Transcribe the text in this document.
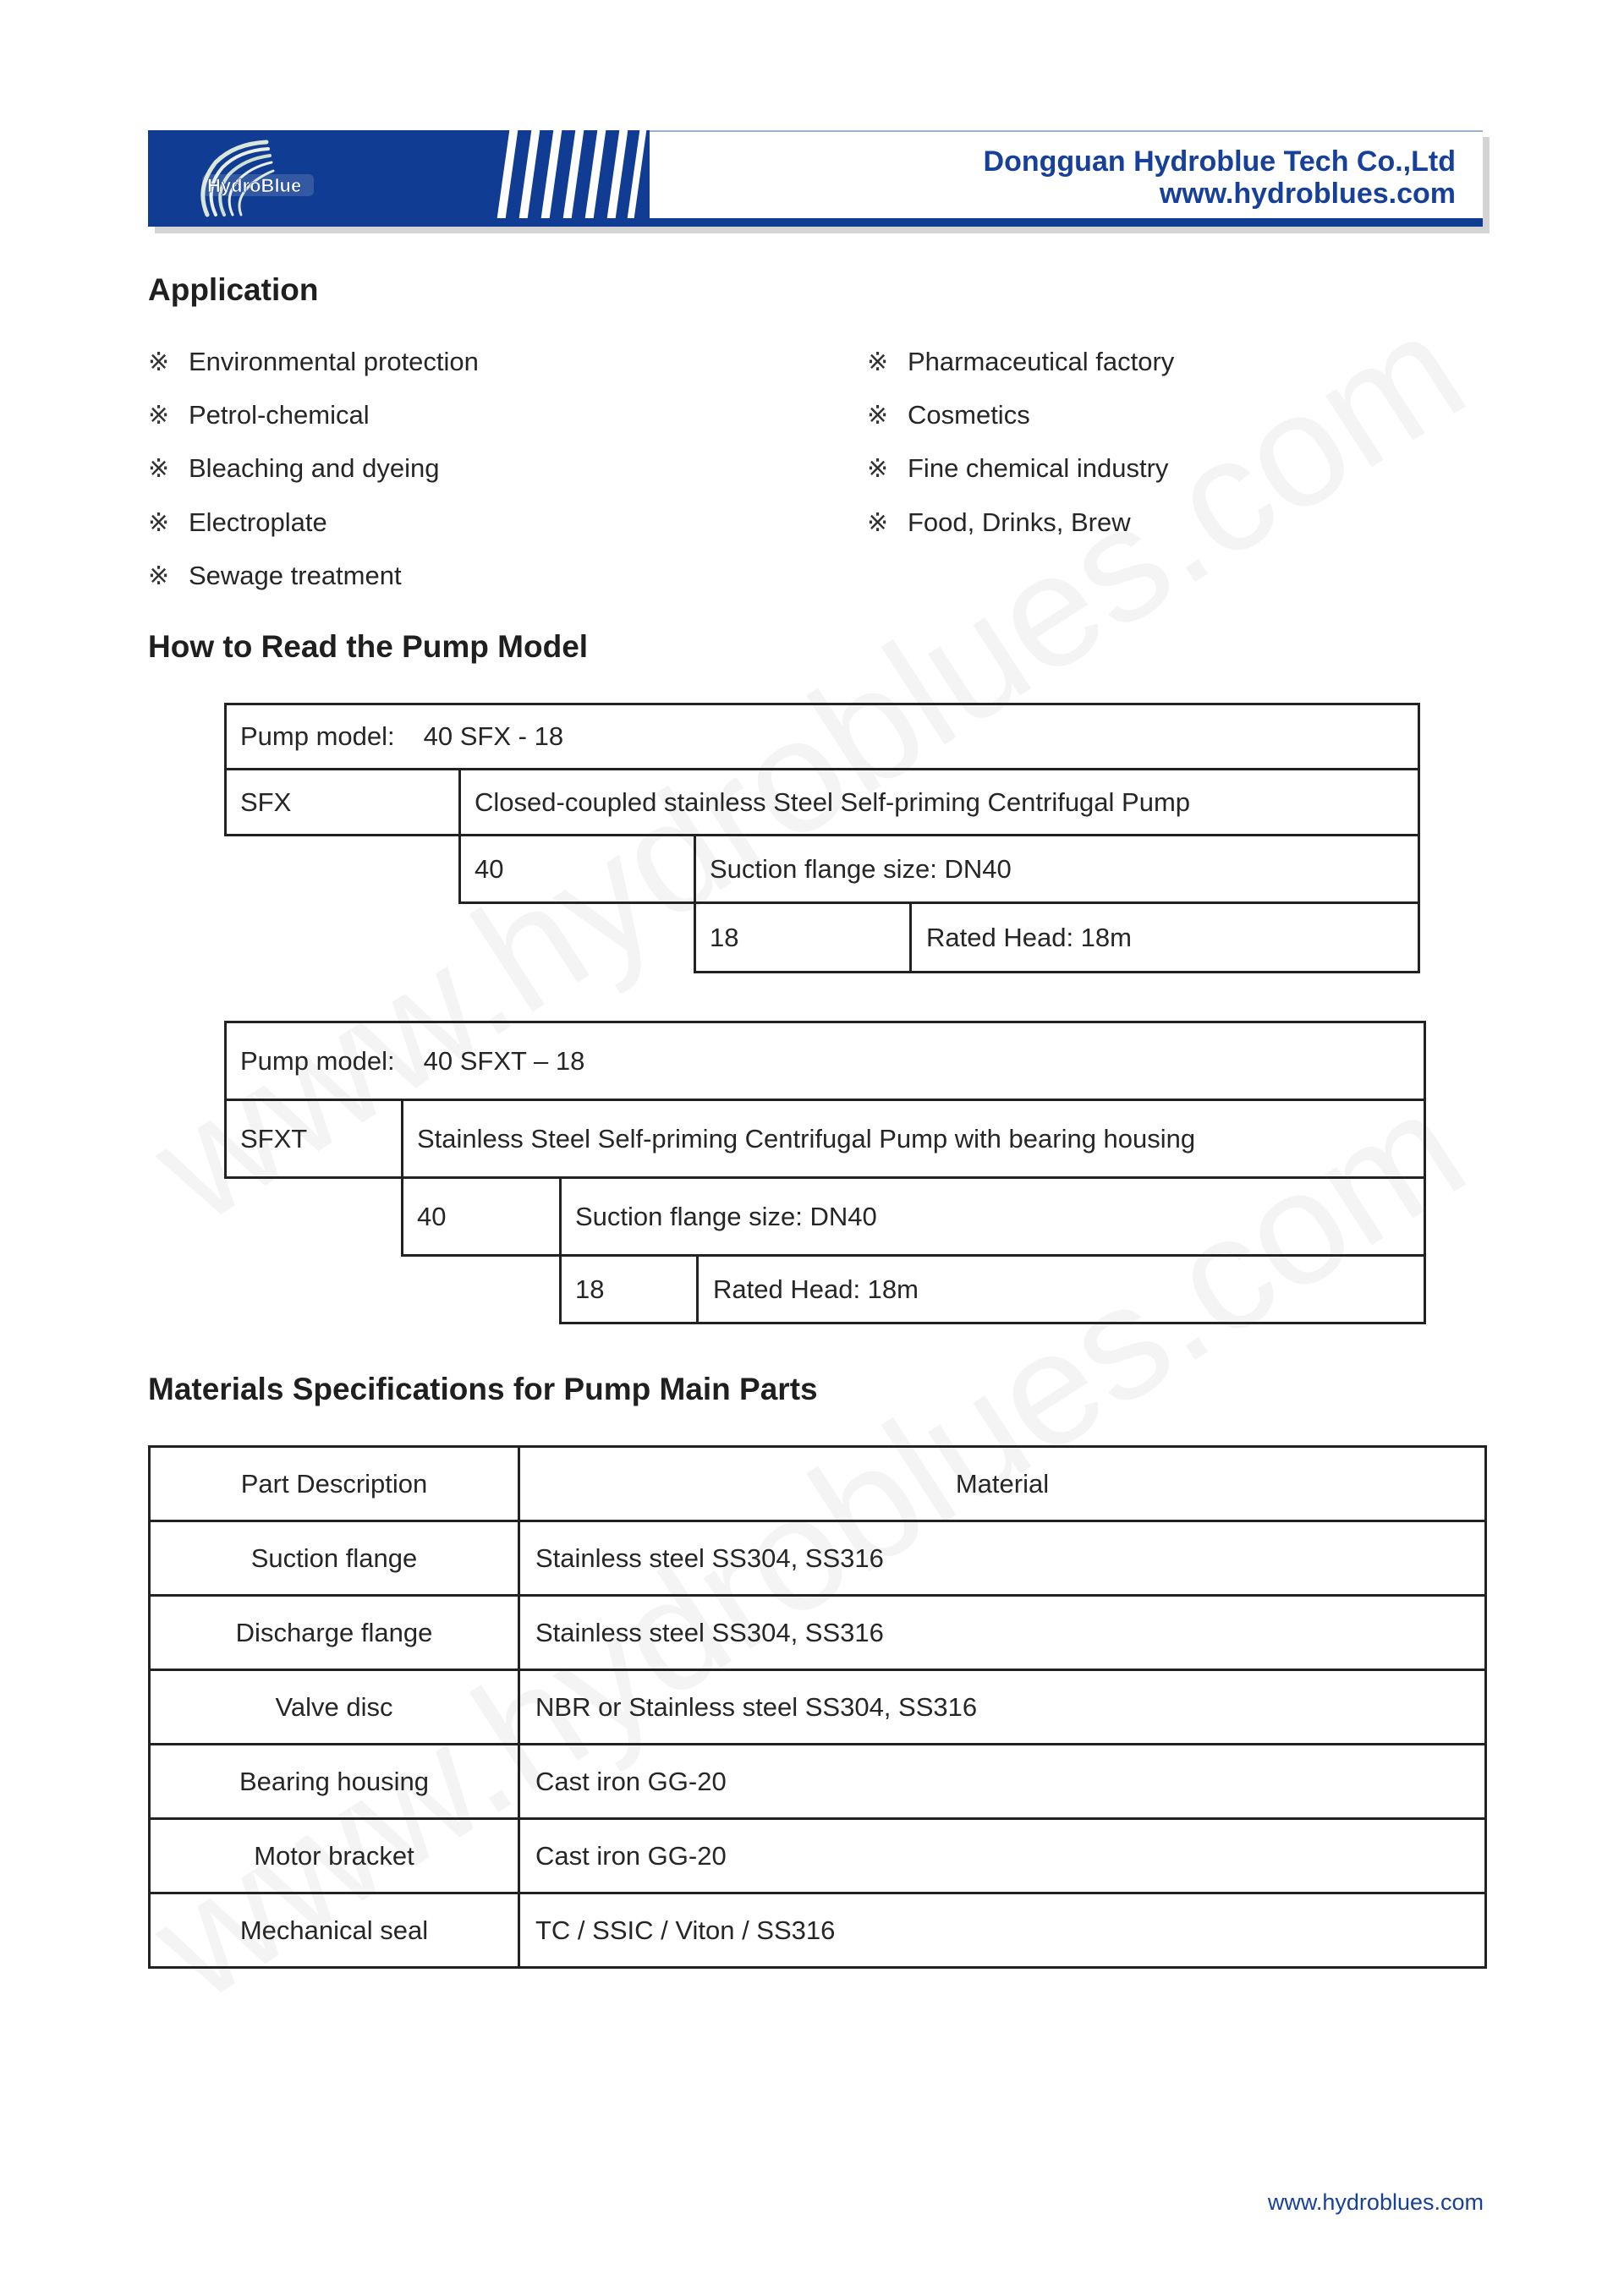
HydroBlue
Dongguan Hydroblue Tech Co.,Ltd
www.hydroblues.com
Application
※ Environmental protection
※ Petrol-chemical
※ Bleaching and dyeing
※ Electroplate
※ Sewage treatment
※ Pharmaceutical factory
※ Cosmetics
※ Fine chemical industry
※ Food, Drinks, Brew
How to Read the Pump Model
Pump model: 40 SFX - 18
SFX	Closed-coupled stainless Steel Self-priming Centrifugal Pump
40	Suction flange size: DN40
18	Rated Head: 18m
Pump model: 40 SFXT – 18
SFXT	Stainless Steel Self-priming Centrifugal Pump with bearing housing
40	Suction flange size: DN40
18	Rated Head: 18m
Materials Specifications for Pump Main Parts
Part Description	Material
Suction flange	Stainless steel SS304, SS316
Discharge flange	Stainless steel SS304, SS316
Valve disc	NBR or Stainless steel SS304, SS316
Bearing housing	Cast iron GG-20
Motor bracket	Cast iron GG-20
Mechanical seal	TC / SSIC / Viton / SS316
www.hydroblues.com
